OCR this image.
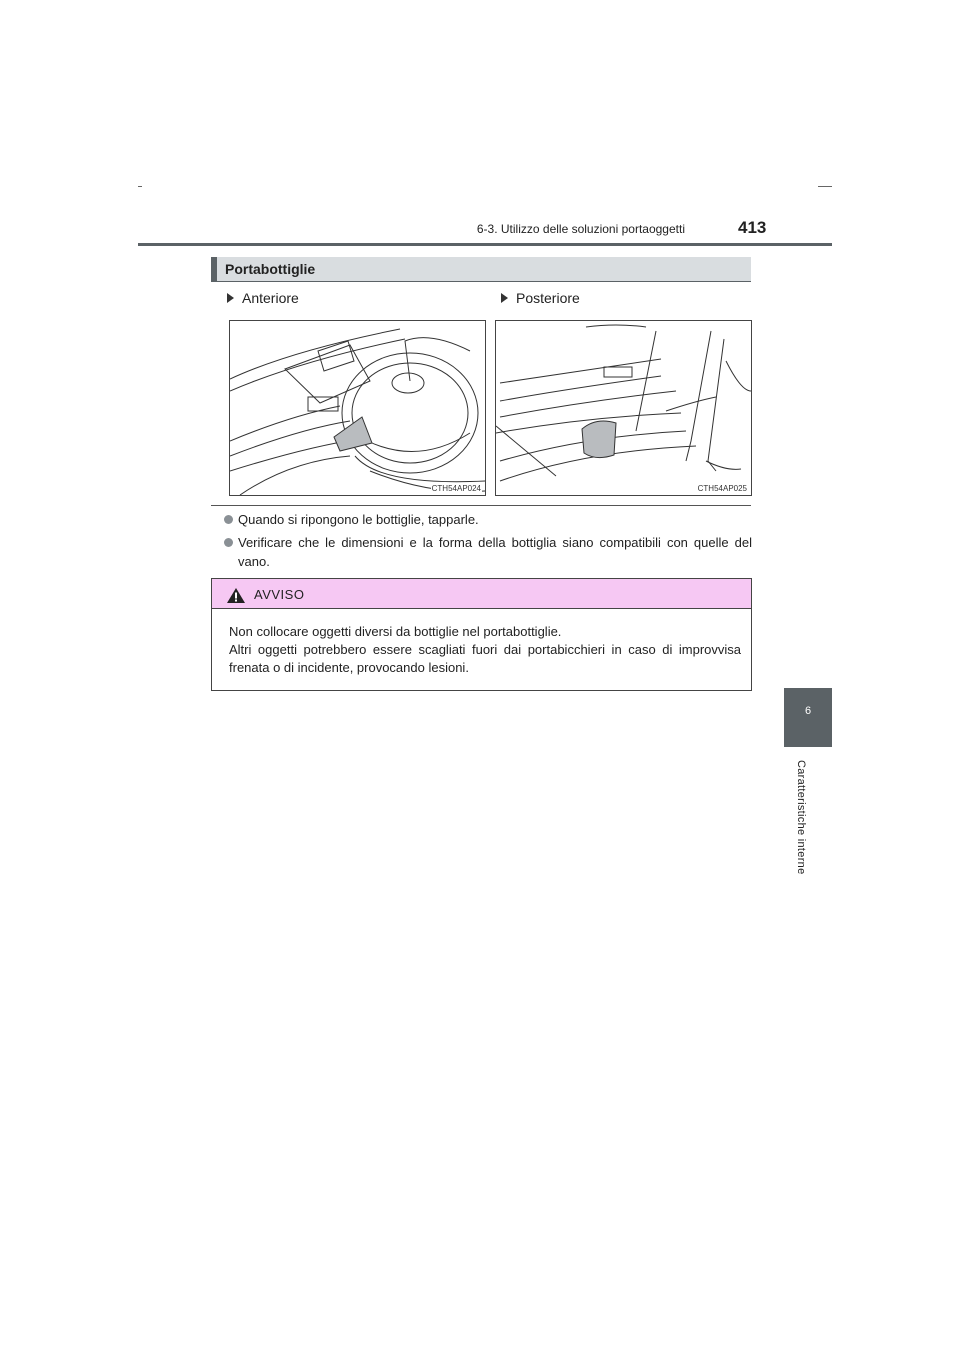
6-3. Utilizzo delle soluzioni portaoggetti	413
6
Caratteristiche interne
Portabottiglie
Anteriore	Posteriore
CTH54AP024	CTH54AP025
Quando si ripongono le bottiglie, tapparle.
Verificare che le dimensioni e la forma della bottiglia siano compatibili con quelle del vano.
AVVISO

Non collocare oggetti diversi da bottiglie nel portabottiglie.

Altri oggetti potrebbero essere scagliati fuori dai portabicchieri in caso di improvvisa frenata o di incidente, provocando lesioni.
